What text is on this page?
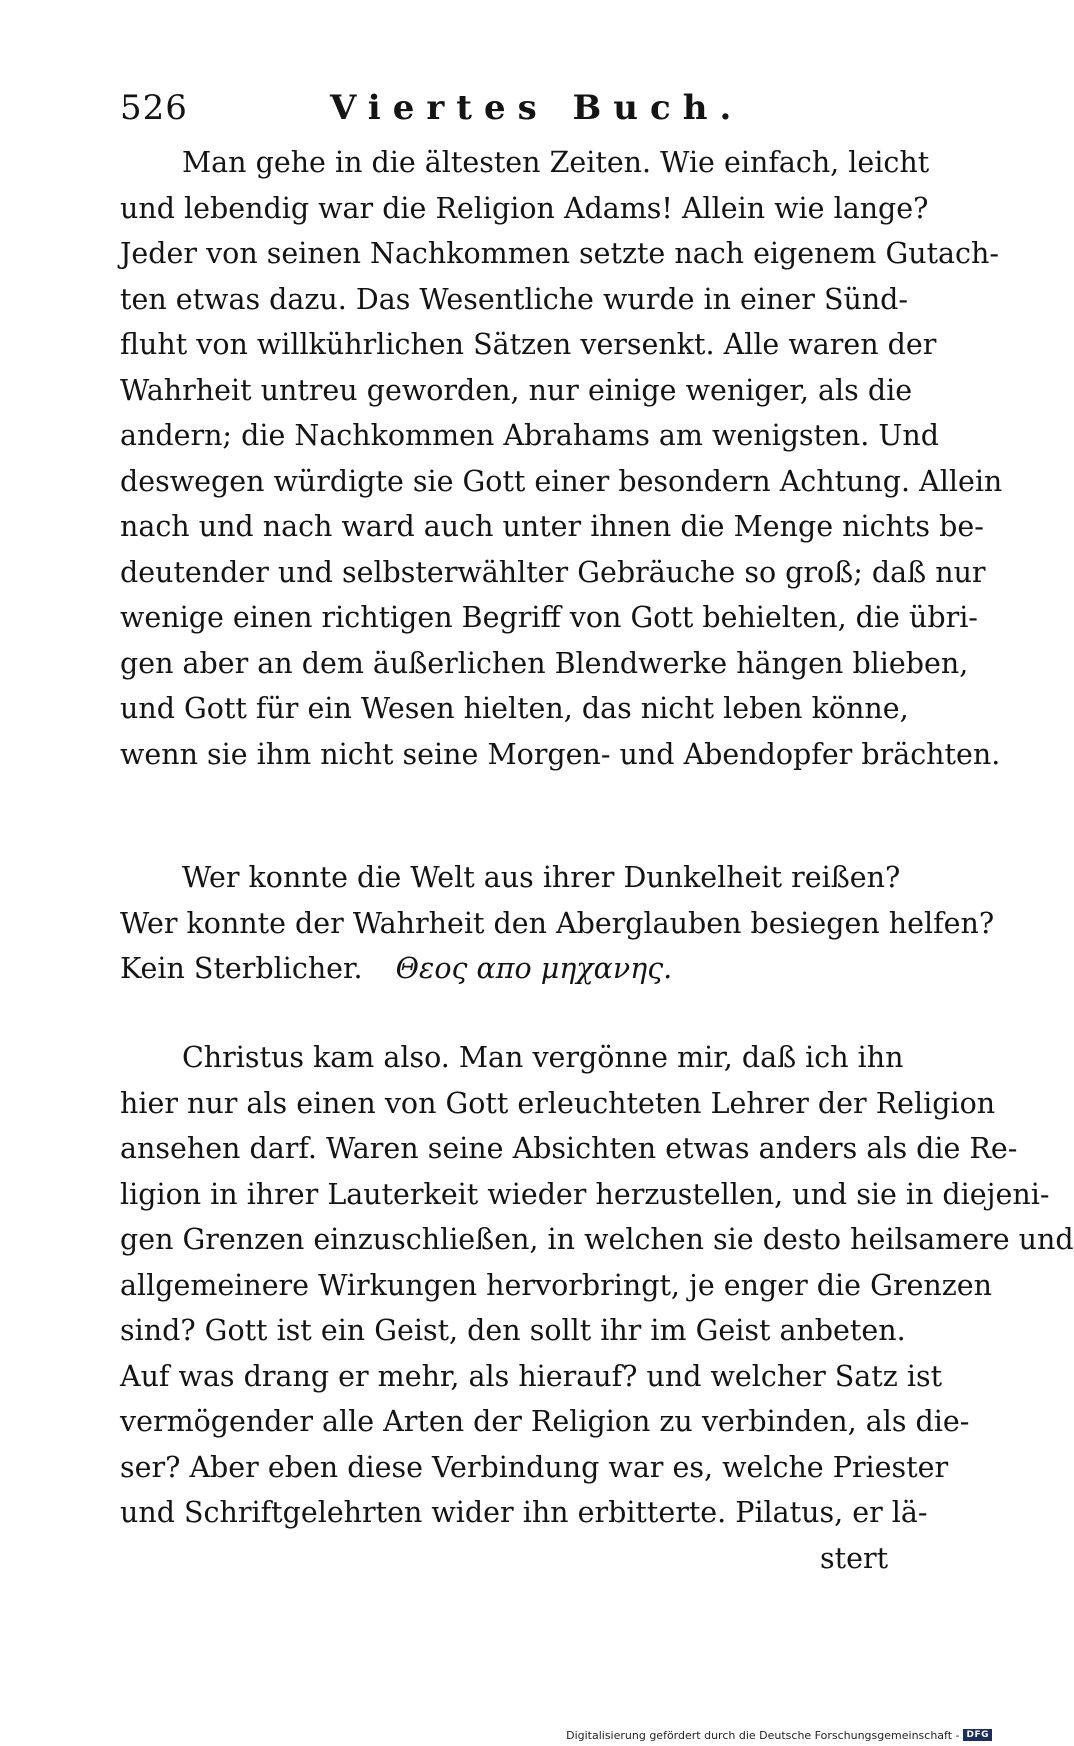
526	Viertes Buch.
Man gehe in die ältesten Zeiten. Wie einfach, leicht
und lebendig war die Religion Adams! Allein wie lange?
Jeder von seinen Nachkommen setzte nach eigenem Gutach-
ten etwas dazu. Das Wesentliche wurde in einer Sünd-
fluht von willkührlichen Sätzen versenkt. Alle waren der
Wahrheit untreu geworden, nur einige weniger, als die
andern; die Nachkommen Abrahams am wenigsten. Und
deswegen würdigte sie Gott einer besondern Achtung. Allein
nach und nach ward auch unter ihnen die Menge nichts be-
deutender und selbsterwählter Gebräuche so groß; daß nur
wenige einen richtigen Begriff von Gott behielten, die übri-
gen aber an dem äußerlichen Blendwerke hängen blieben,
und Gott für ein Wesen hielten, das nicht leben könne,
wenn sie ihm nicht seine Morgen- und Abendopfer brächten.
Wer konnte die Welt aus ihrer Dunkelheit reißen?
Wer konnte der Wahrheit den Aberglauben besiegen helfen?
Kein Sterblicher. Θεος απο μηχανης.
Christus kam also. Man vergönne mir, daß ich ihn
hier nur als einen von Gott erleuchteten Lehrer der Religion
ansehen darf. Waren seine Absichten etwas anders als die Re-
ligion in ihrer Lauterkeit wieder herzustellen, und sie in diejeni-
gen Grenzen einzuschließen, in welchen sie desto heilsamere und
allgemeinere Wirkungen hervorbringt, je enger die Grenzen
sind? Gott ist ein Geist, den sollt ihr im Geist anbeten.
Auf was drang er mehr, als hierauf? und welcher Satz ist
vermögender alle Arten der Religion zu verbinden, als die-
ser? Aber eben diese Verbindung war es, welche Priester
und Schriftgelehrten wider ihn erbitterte. Pilatus, er lä-
stert
Digitalisierung gefördert durch die Deutsche Forschungsgemeinschaft - DFG
